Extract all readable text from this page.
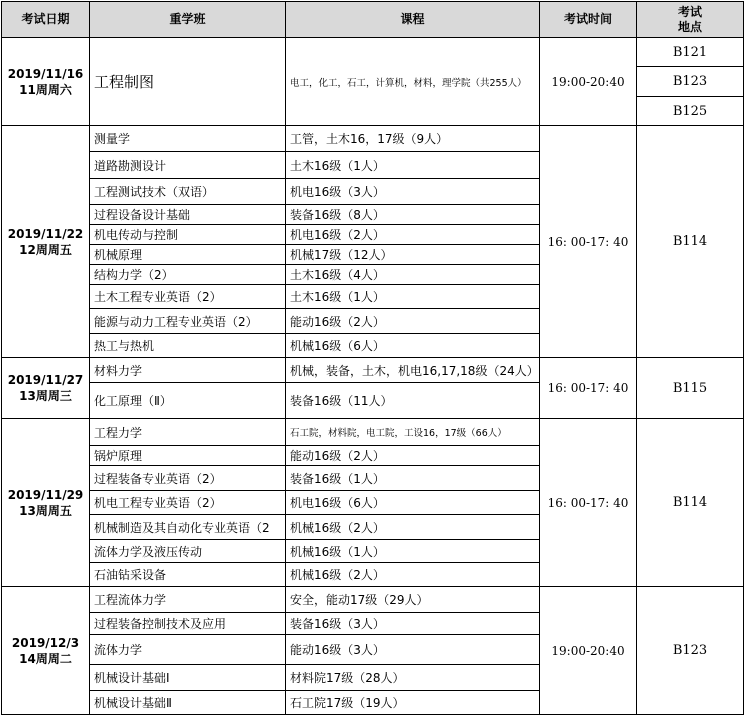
考试日期	重学班	课程	考试时间	考试
地点

2019/11/16
11周周六	工程制图	电工，化工，石工，计算机，材料，理学院（共255人）	19:00-20:40	B121
				B123
				B125

2019/11/22
12周周五	测量学	工管，土木16，17级（9人）	16: 00-17: 40	B114
	道路勘测设计	土木16级（1人）		
	工程测试技术（双语）	机电16级（3人）		
	过程设备设计基础	装备16级（8人）		
	机电传动与控制	机电16级（2人）		
	机械原理	机械17级（12人）		
	结构力学（2）	土木16级（4人）		
	土木工程专业英语（2）	土木16级（1人）		
	能源与动力工程专业英语（2）	能动16级（2人）		
	热工与热机	机械16级（6人）		

2019/11/27
13周周三	材料力学	机械，装备，土木，机电16,17,18级（24人）	16: 00-17: 40	B115
	化工原理（Ⅱ）	装备16级（11人）		

2019/11/29
13周周五	工程力学	石工院，材料院，电工院，工设16，17级（66人）	16: 00-17: 40	B114
	锅炉原理	能动16级（2人）		
	过程装备专业英语（2）	装备16级（1人）		
	机电工程专业英语（2）	机电16级（6人）		
	机械制造及其自动化专业英语（2	机械16级（2人）		
	流体力学及液压传动	机械16级（1人）		
	石油钻采设备	机械16级（2人）		

2019/12/3
14周周二	工程流体力学	安全，能动17级（29人）	19:00-20:40	B123
	过程装备控制技术及应用	装备16级（3人）		
	流体力学	能动16级（3人）		
	机械设计基础Ⅰ	材料院17级（28人）		
	机械设计基础Ⅱ	石工院17级（19人）		
